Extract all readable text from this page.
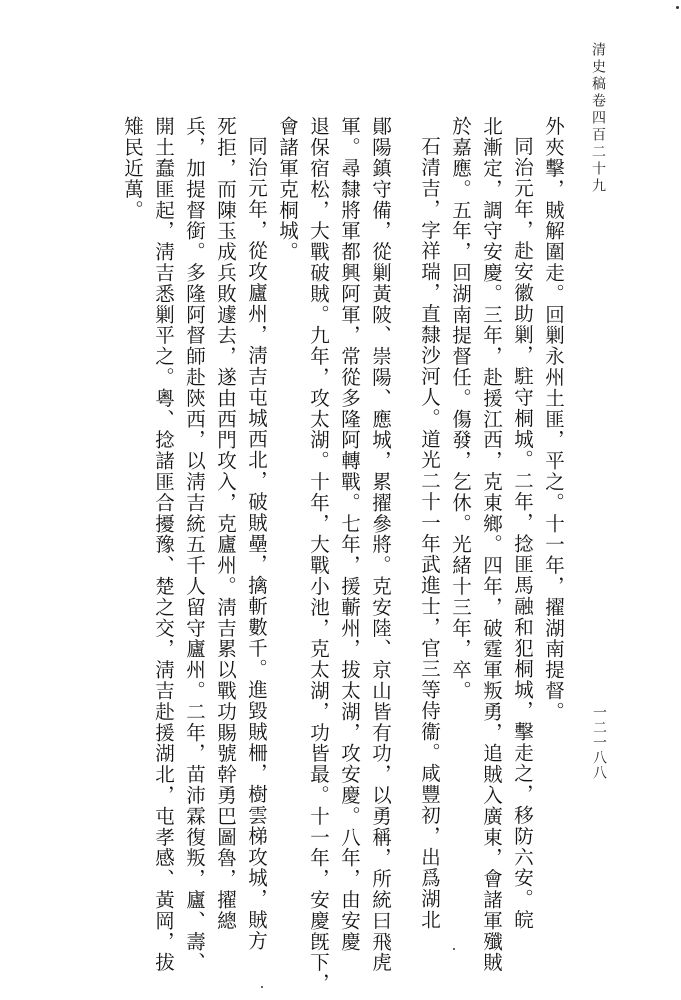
清史稿卷四百二十九
一二一八八

外夾擊，賊解圍走。回剿永州土匪，平之。十一年，擢湖南提督。

同治元年，赴安徽助剿，駐守桐城。二年，捻匪馬融和犯桐城，擊走之，移防六安。皖

北漸定，調守安慶。三年，赴援江西，克東鄉。四年，破霆軍叛勇，追賊入廣東，會諸軍殲賊

於嘉應。五年，回湖南提督任。傷發，乞休。光緒十三年，卒。

石清吉，字祥瑞，直隸沙河人。道光二十一年武進士，官三等侍衞。咸豐初，出爲湖北

鄖陽鎮守備，從剿黃陂、崇陽、應城，累擢參將。克安陸、京山皆有功，以勇稱，所統曰飛虎

軍。尋隸將軍都興阿軍，常從多隆阿轉戰。七年，援蘄州，拔太湖，攻安慶。八年，由安慶

退保宿松，大戰破賊。九年，攻太湖。十年，大戰小池，克太湖，功皆最。十一年，安慶旣下，

會諸軍克桐城。

同治元年，從攻廬州，淸吉屯城西北，破賊壘，擒斬數千。進毀賊柵，樹雲梯攻城，賊方

死拒，而陳玉成兵敗遽去，遂由西門攻入，克廬州。淸吉累以戰功賜號幹勇巴圖魯，擢總

兵，加提督銜。多隆阿督師赴陝西，以淸吉統五千人留守廬州。二年，苗沛霖復叛，廬、壽、

開土蠢匪起，淸吉悉剿平之。粵、捻諸匪合擾豫、楚之交，淸吉赴援湖北，屯孝感、黃岡，拔

雉民近萬。
